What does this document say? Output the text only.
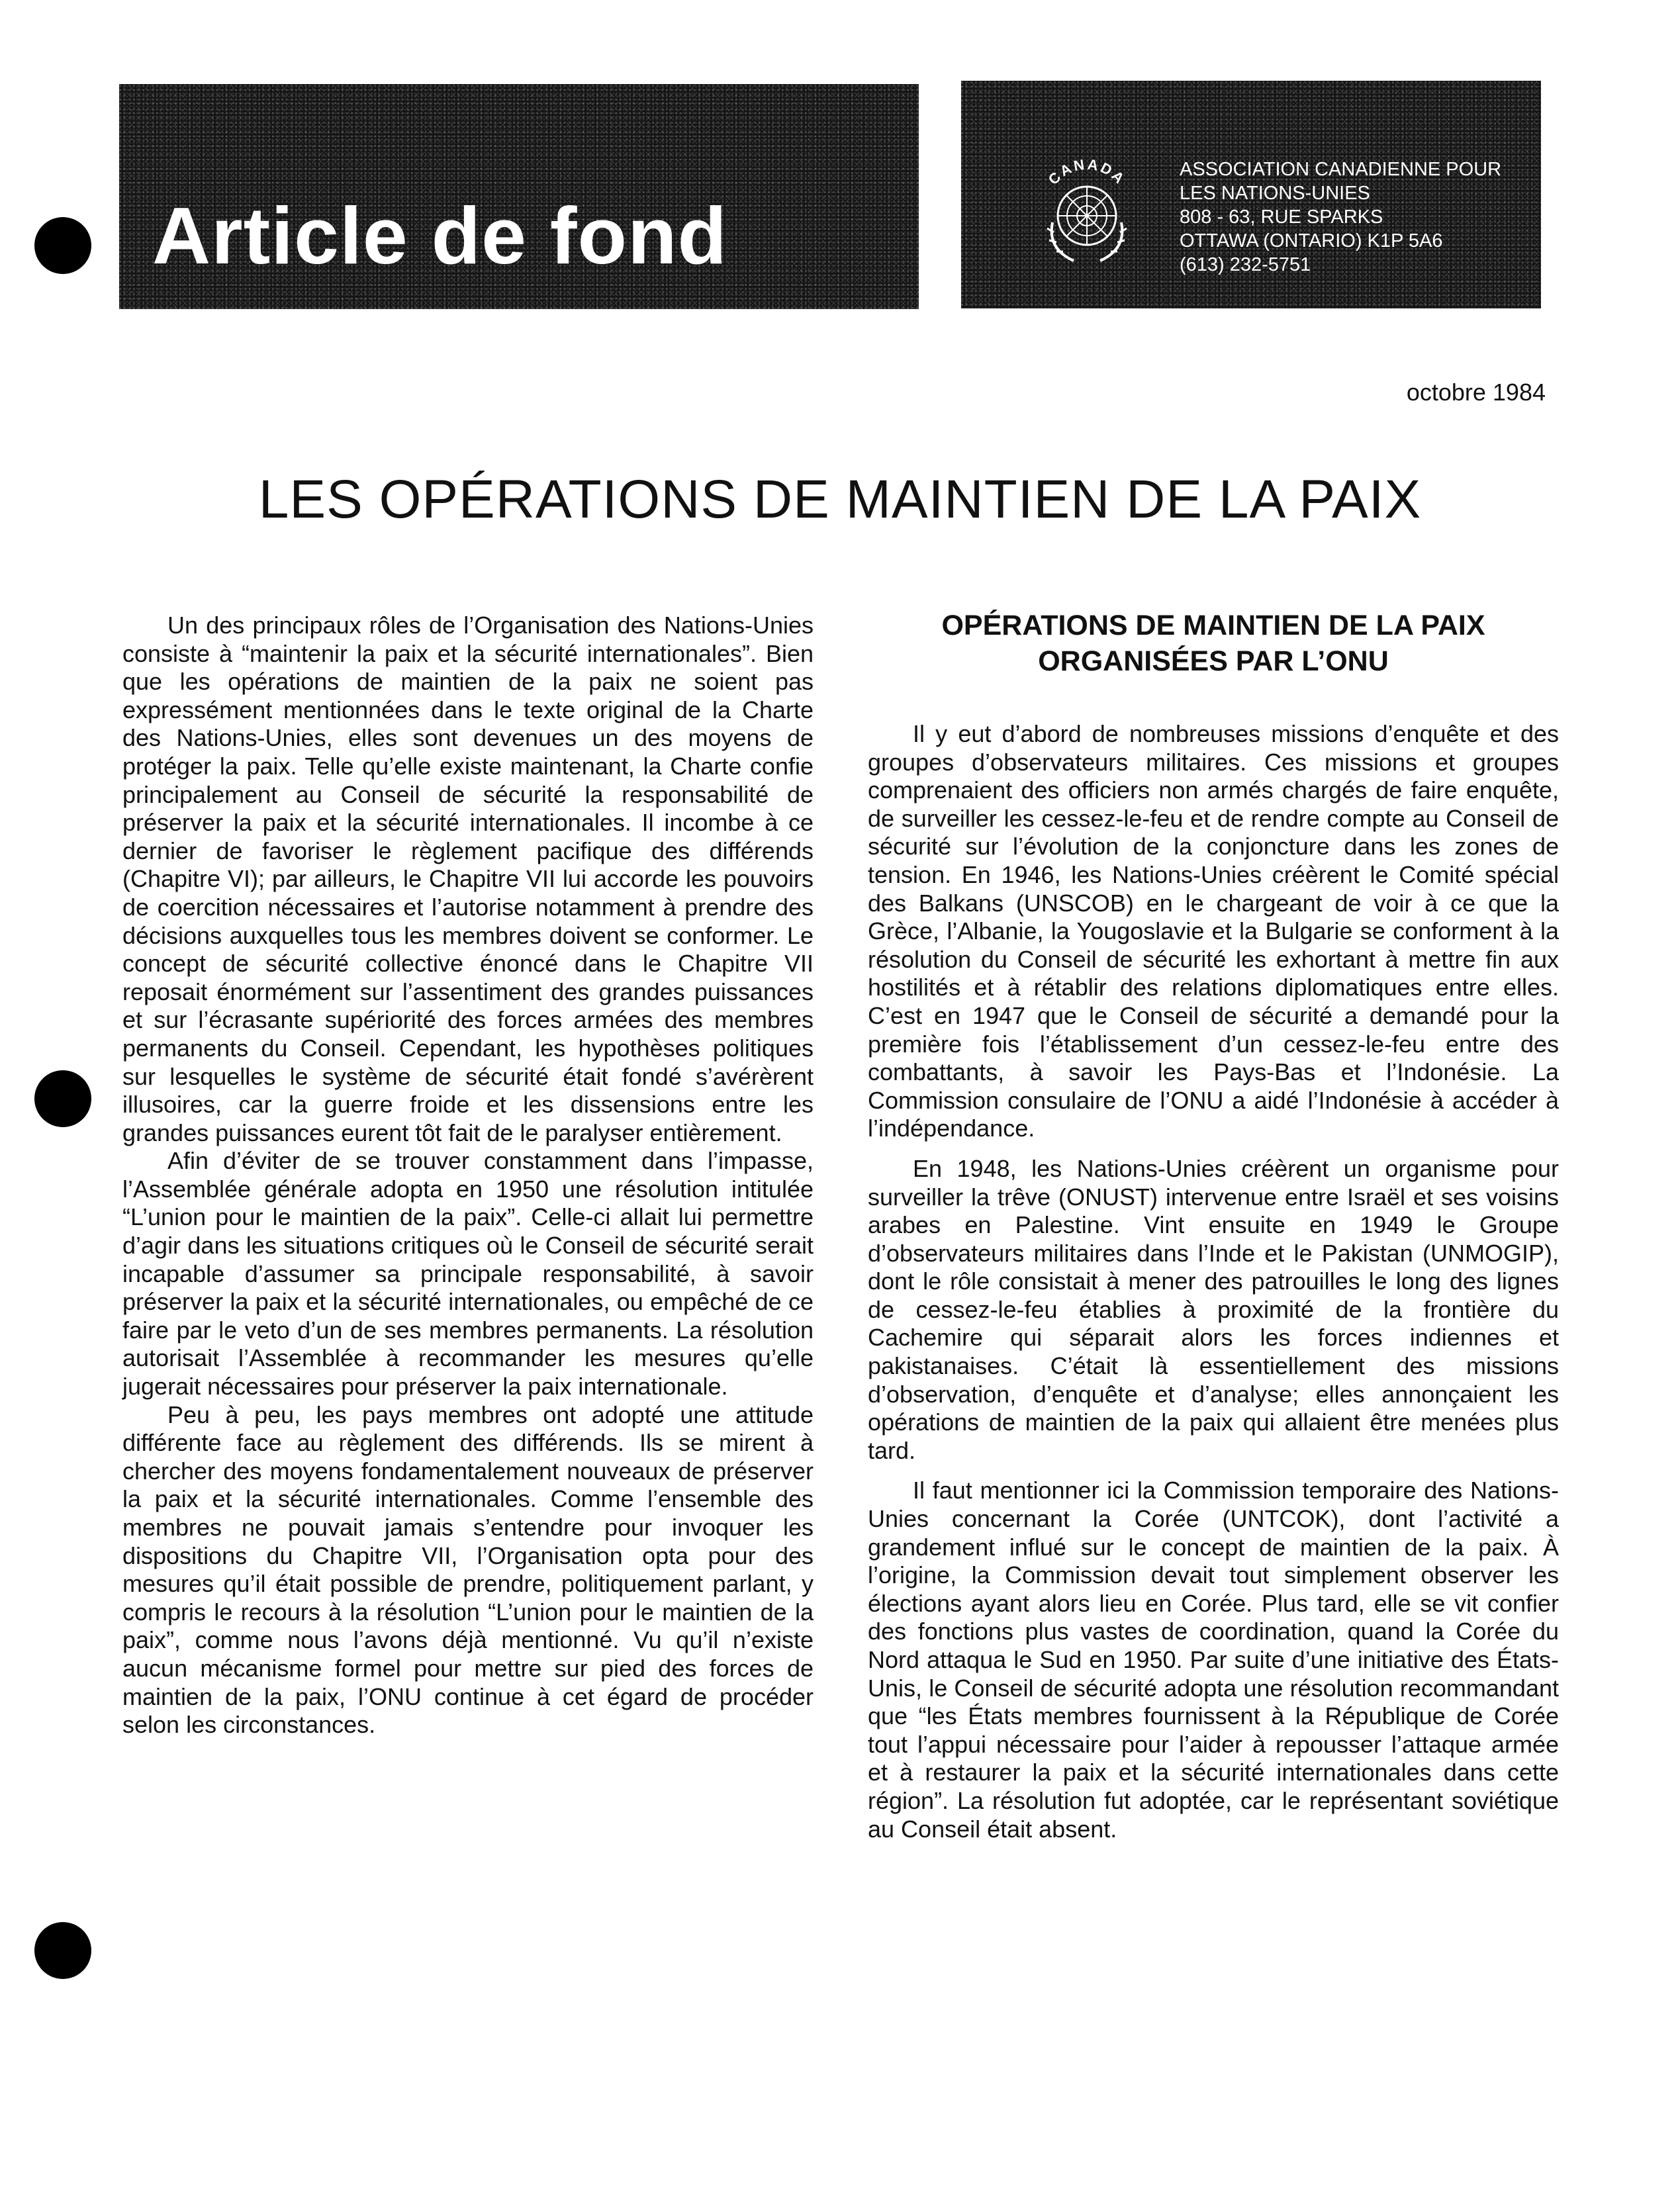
Article de fond
CANADA	ASSOCIATION CANADIENNE POUR
LES NATIONS-UNIES
808 - 63, RUE SPARKS
OTTAWA (ONTARIO) K1P 5A6
(613) 232-5751
octobre 1984
LES OPÉRATIONS DE MAINTIEN DE LA PAIX

Un des principaux rôles de l’Organisation des Nations-Unies consiste à “maintenir la paix et la sécurité internationales”. Bien que les opérations de maintien de la paix ne soient pas expressément mentionnées dans le texte original de la Charte des Nations-Unies, elles sont devenues un des moyens de protéger la paix. Telle qu’elle existe maintenant, la Charte confie principalement au Conseil de sécurité la responsabilité de préserver la paix et la sécurité internationales. Il incombe à ce dernier de favoriser le règlement pacifique des différends (Chapitre VI); par ailleurs, le Chapitre VII lui accorde les pouvoirs de coercition nécessaires et l’autorise notamment à prendre des décisions auxquelles tous les membres doivent se conformer. Le concept de sécurité collective énoncé dans le Chapitre VII reposait énormément sur l’assentiment des grandes puissances et sur l’écrasante supériorité des forces armées des membres permanents du Conseil. Cependant, les hypothèses politiques sur lesquelles le système de sécurité était fondé s’avérèrent illusoires, car la guerre froide et les dissensions entre les grandes puissances eurent tôt fait de le paralyser entièrement.

Afin d’éviter de se trouver constamment dans l’impasse, l’Assemblée générale adopta en 1950 une résolution intitulée “L’union pour le maintien de la paix”. Celle-ci allait lui permettre d’agir dans les situations critiques où le Conseil de sécurité serait incapable d’assumer sa principale responsabilité, à savoir préserver la paix et la sécurité internationales, ou empêché de ce faire par le veto d’un de ses membres permanents. La résolution autorisait l’Assemblée à recommander les mesures qu’elle jugerait nécessaires pour préserver la paix internationale.

Peu à peu, les pays membres ont adopté une attitude différente face au règlement des différends. Ils se mirent à chercher des moyens fondamentalement nouveaux de préserver la paix et la sécurité internationales. Comme l’ensemble des membres ne pouvait jamais s’entendre pour invoquer les dispositions du Chapitre VII, l’Organisation opta pour des mesures qu’il était possible de prendre, politiquement parlant, y compris le recours à la résolution “L’union pour le maintien de la paix”, comme nous l’avons déjà mentionné. Vu qu’il n’existe aucun mécanisme formel pour mettre sur pied des forces de maintien de la paix, l’ONU continue à cet égard de procéder selon les circonstances.

OPÉRATIONS DE MAINTIEN DE LA PAIX
ORGANISÉES PAR L’ONU

Il y eut d’abord de nombreuses missions d’enquête et des groupes d’observateurs militaires. Ces missions et groupes comprenaient des officiers non armés chargés de faire enquête, de surveiller les cessez-le-feu et de rendre compte au Conseil de sécurité sur l’évolution de la conjoncture dans les zones de tension. En 1946, les Nations-Unies créèrent le Comité spécial des Balkans (UNSCOB) en le chargeant de voir à ce que la Grèce, l’Albanie, la Yougoslavie et la Bulgarie se conforment à la résolution du Conseil de sécurité les exhortant à mettre fin aux hostilités et à rétablir des relations diplomatiques entre elles. C’est en 1947 que le Conseil de sécurité a demandé pour la première fois l’établissement d’un cessez-le-feu entre des combattants, à savoir les Pays-Bas et l’Indonésie. La Commission consulaire de l’ONU a aidé l’Indonésie à accéder à l’indépendance.

En 1948, les Nations-Unies créèrent un organisme pour surveiller la trêve (ONUST) intervenue entre Israël et ses voisins arabes en Palestine. Vint ensuite en 1949 le Groupe d’observateurs militaires dans l’Inde et le Pakistan (UNMOGIP), dont le rôle consistait à mener des patrouilles le long des lignes de cessez-le-feu établies à proximité de la frontière du Cachemire qui séparait alors les forces indiennes et pakistanaises. C’était là essentiellement des missions d’observation, d’enquête et d’analyse; elles annonçaient les opérations de maintien de la paix qui allaient être menées plus tard.

Il faut mentionner ici la Commission temporaire des Nations-Unies concernant la Corée (UNTCOK), dont l’activité a grandement influé sur le concept de maintien de la paix. À l’origine, la Commission devait tout simplement observer les élections ayant alors lieu en Corée. Plus tard, elle se vit confier des fonctions plus vastes de coordination, quand la Corée du Nord attaqua le Sud en 1950. Par suite d’une initiative des États-Unis, le Conseil de sécurité adopta une résolution recommandant que “les États membres fournissent à la République de Corée tout l’appui nécessaire pour l’aider à repousser l’attaque armée et à restaurer la paix et la sécurité internationales dans cette région”. La résolution fut adoptée, car le représentant soviétique au Conseil était absent.
